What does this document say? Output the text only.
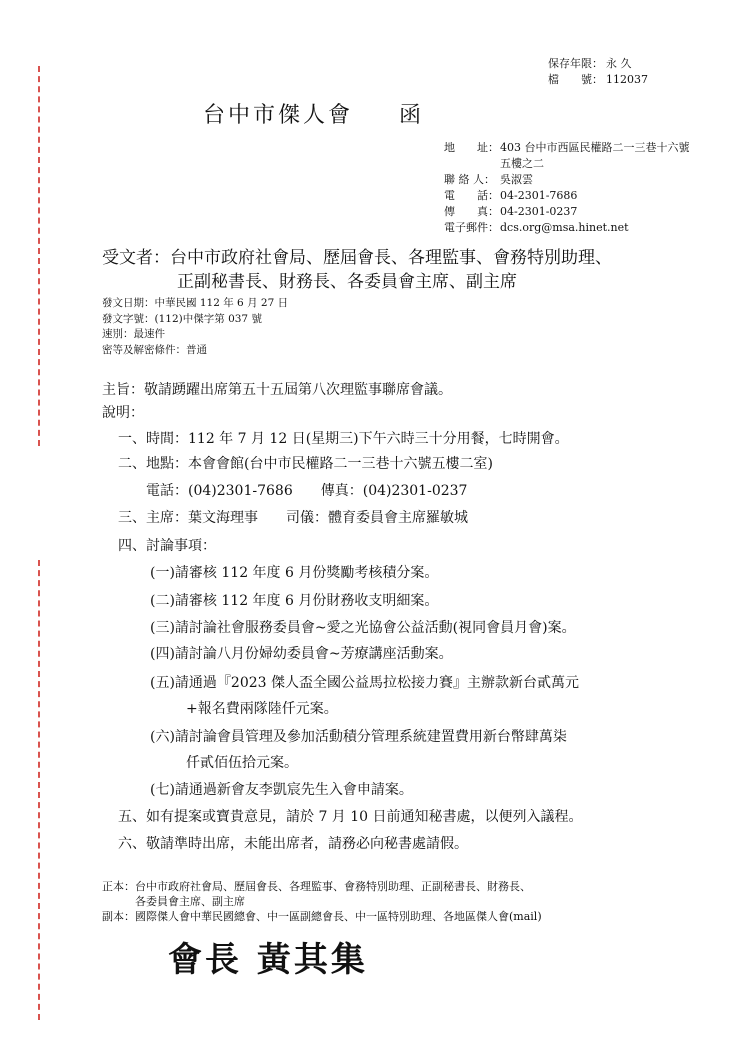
保存年限： 永 久
檔　　號： 112037
台中市傑人會 函
地　　址： 403 台中市西區民權路二一三巷十六號
五樓之二
聯 絡 人： 吳淑雲
電　　話： 04-2301-7686
傳　　真： 04-2301-0237
電子郵件： dcs.org@msa.hinet.net
受文者：台中市政府社會局、歷屆會長、各理監事、會務特別助理、
正副秘書長、財務長、各委員會主席、副主席
發文日期：中華民國 112 年 6 月 27 日
發文字號：(112)中傑字第 037 號
速別：最速件
密等及解密條件：普通
主旨：敬請踴躍出席第五十五屆第八次理監事聯席會議。
說明：
一、時間：112 年 7 月 12 日(星期三)下午六時三十分用餐，七時開會。
二、地點：本會會館(台中市民權路二一三巷十六號五樓二室)
電話：(04)2301-7686　　傳真：(04)2301-0237
三、主席：葉文海理事　　司儀：體育委員會主席羅敏城
四、討論事項：
(一)請審核 112 年度 6 月份獎勵考核積分案。
(二)請審核 112 年度 6 月份財務收支明細案。
(三)請討論社會服務委員會~愛之光協會公益活動(視同會員月會)案。
(四)請討論八月份婦幼委員會~芳療講座活動案。
(五)請通過『2023 傑人盃全國公益馬拉松接力賽』主辦款新台貳萬元
+報名費兩隊陸仟元案。
(六)請討論會員管理及參加活動積分管理系統建置費用新台幣肆萬柒
仟貳佰伍拾元案。
(七)請通過新會友李凱宸先生入會申請案。
五、如有提案或寶貴意見，請於 7 月 10 日前通知秘書處，以便列入議程。
六、敬請準時出席，未能出席者，請務必向秘書處請假。
正本：台中市政府社會局、歷屆會長、各理監事、會務特別助理、正副秘書長、財務長、
各委員會主席、副主席
副本：國際傑人會中華民國總會、中一區副總會長、中一區特別助理、各地區傑人會(mail)
會長 黃其集
